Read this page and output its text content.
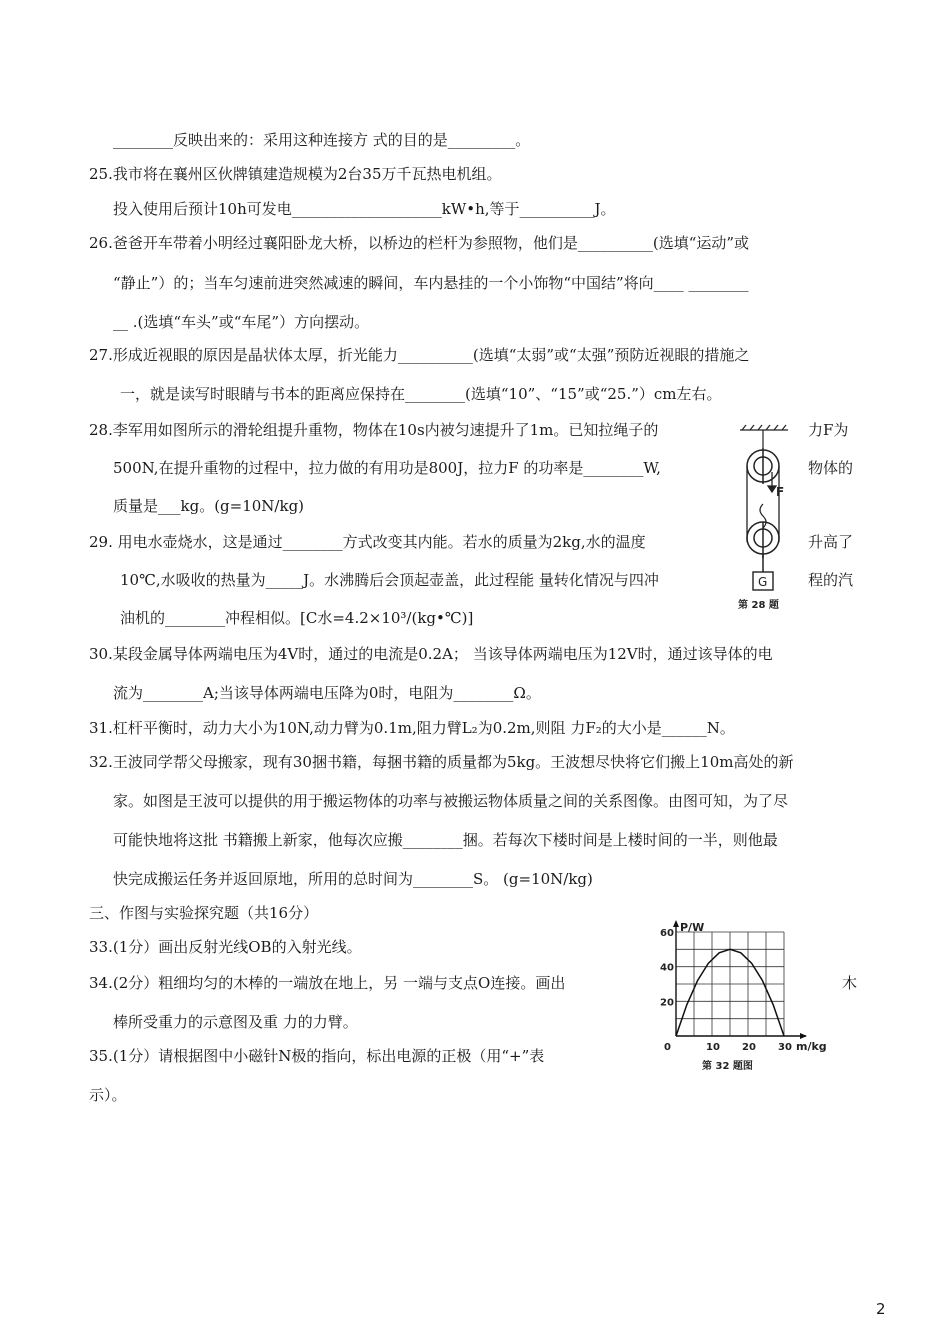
________反映出来的：采用这种连接方 式的目的是_________。
25.我市将在襄州区伙牌镇建造规模为2台35万千瓦热电机组。
投入使用后预计10h可发电____________________kW•h,等于__________J。
26.爸爸开车带着小明经过襄阳卧龙大桥，以桥边的栏杆为参照物，他们是__________(选填“运动”或
“静止”）的；当车匀速前进突然减速的瞬间，车内悬挂的一个小饰物“中国结”将向____ ________
__ .(选填“车头”或“车尾”）方向摆动。
27.形成近视眼的原因是晶状体太厚，折光能力__________(选填“太弱”或“太强”预防近视眼的措施之
一，就是读写时眼睛与书本的距离应保持在________(选填“10”、“15”或“25.”）cm左右。
28.李军用如图所示的滑轮组提升重物，物体在10s内被匀速提升了1m。已知拉绳子的	力F为
500N,在提升重物的过程中，拉力做的有用功是800J，拉力F 的功率是________W,	物体的
质量是___kg。(g=10N/kg)
29. 用电水壶烧水，这是通过________方式改变其内能。若水的质量为2kg,水的温度	升高了
10℃,水吸收的热量为_____J。水沸腾后会顶起壶盖，此过程能 量转化情况与四冲	程的汽
油机的________冲程相似。[C水=4.2×10³/(kg•℃)]
30.某段金属导体两端电压为4V时，通过的电流是0.2A； 当该导体两端电压为12V时，通过该导体的电
流为________A;当该导体两端电压降为0时，电阻为________Ω。
31.杠杆平衡时，动力大小为10N,动力臂为0.1m,阻力臂L₂为0.2m,则阻 力F₂的大小是______N。
32.王波同学帮父母搬家，现有30捆书籍，每捆书籍的质量都为5kg。王波想尽快将它们搬上10m高处的新
家。如图是王波可以提供的用于搬运物体的功率与被搬运物体质量之间的关系图像。由图可知，为了尽
可能快地将这批 书籍搬上新家，他每次应搬________捆。若每次下楼时间是上楼时间的一半，则他最
快完成搬运任务并返回原地，所用的总时间为________S。 (g=10N/kg)
三、作图与实验探究题（共16分）
33.(1分）画出反射光线OB的入射光线。
34.(2分）粗细均匀的木棒的一端放在地上，另 一端与支点O连接。画出	木
棒所受重力的示意图及重 力的力臂。
35.(1分）请根据图中小磁针N极的指向，标出电源的正极（用“+”表
示）。
F
G
第 28 题
0	10 20 30
20
40
60 P/W
m/kg
第 32 题图
2
